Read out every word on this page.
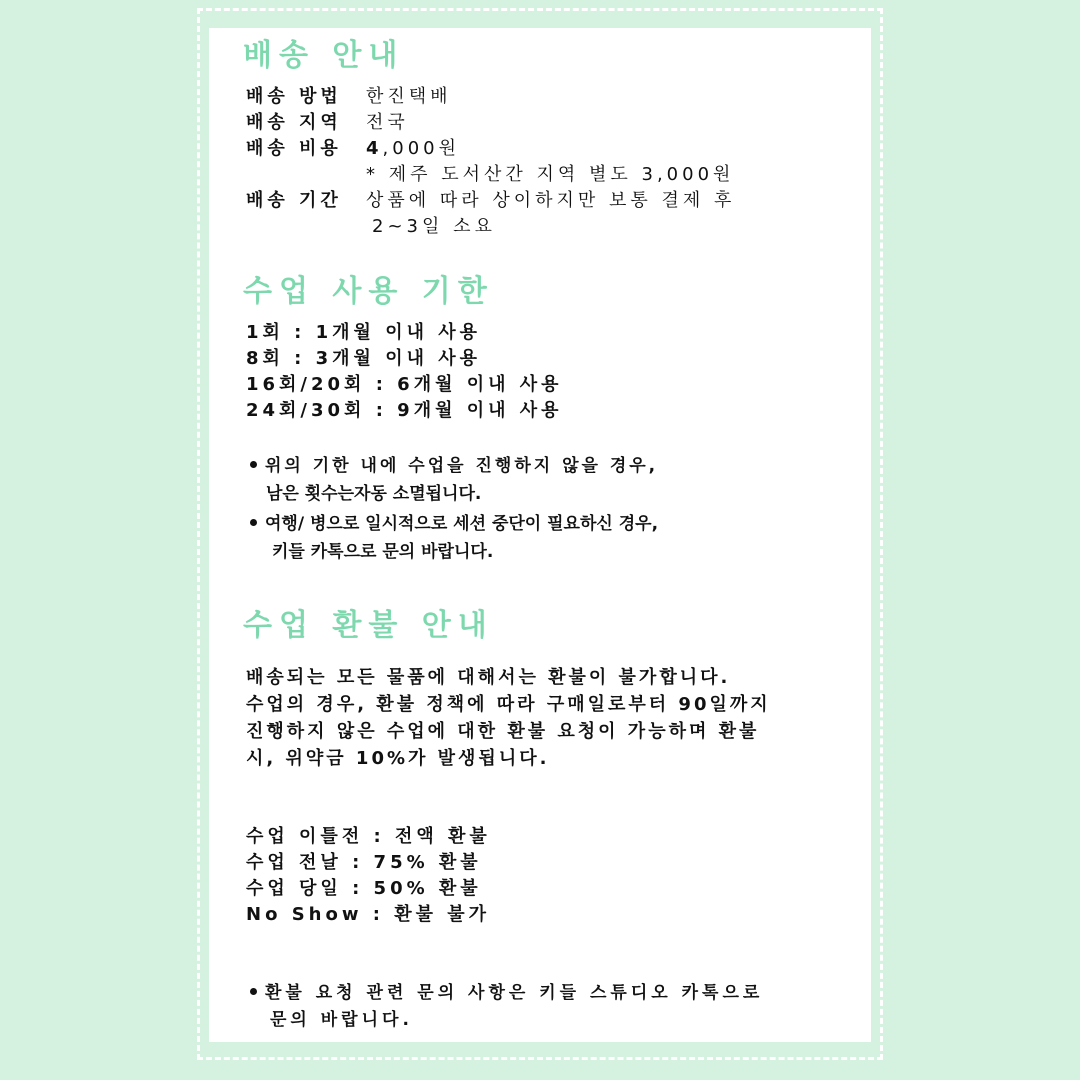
배송 안내
배송 방법 한진택배
배송 지역 전국
배송 비용 4,000원
* 제주 도서산간 지역 별도 3,000원
배송 기간 상품에 따라 상이하지만 보통 결제 후
2~3일 소요
수업 사용 기한
1회 : 1개월 이내 사용
8회 : 3개월 이내 사용
16회/20회 : 6개월 이내 사용
24회/30회 : 9개월 이내 사용
위의 기한 내에 수업을 진행하지 않을 경우,
남은 횟수는자동 소멸됩니다.
여행/ 병으로 일시적으로 세션 중단이 필요하신 경우,
키들 카톡으로 문의 바랍니다.
수업 환불 안내
배송되는 모든 물품에 대해서는 환불이 불가합니다.
수업의 경우, 환불 정책에 따라 구매일로부터 90일까지
진행하지 않은 수업에 대한 환불 요청이 가능하며 환불
시, 위약금 10%가 발생됩니다.
수업 이틀전 : 전액 환불
수업 전날 : 75% 환불
수업 당일 : 50% 환불
No Show : 환불 불가
환불 요청 관련 문의 사항은 키들 스튜디오 카톡으로
문의 바랍니다.
